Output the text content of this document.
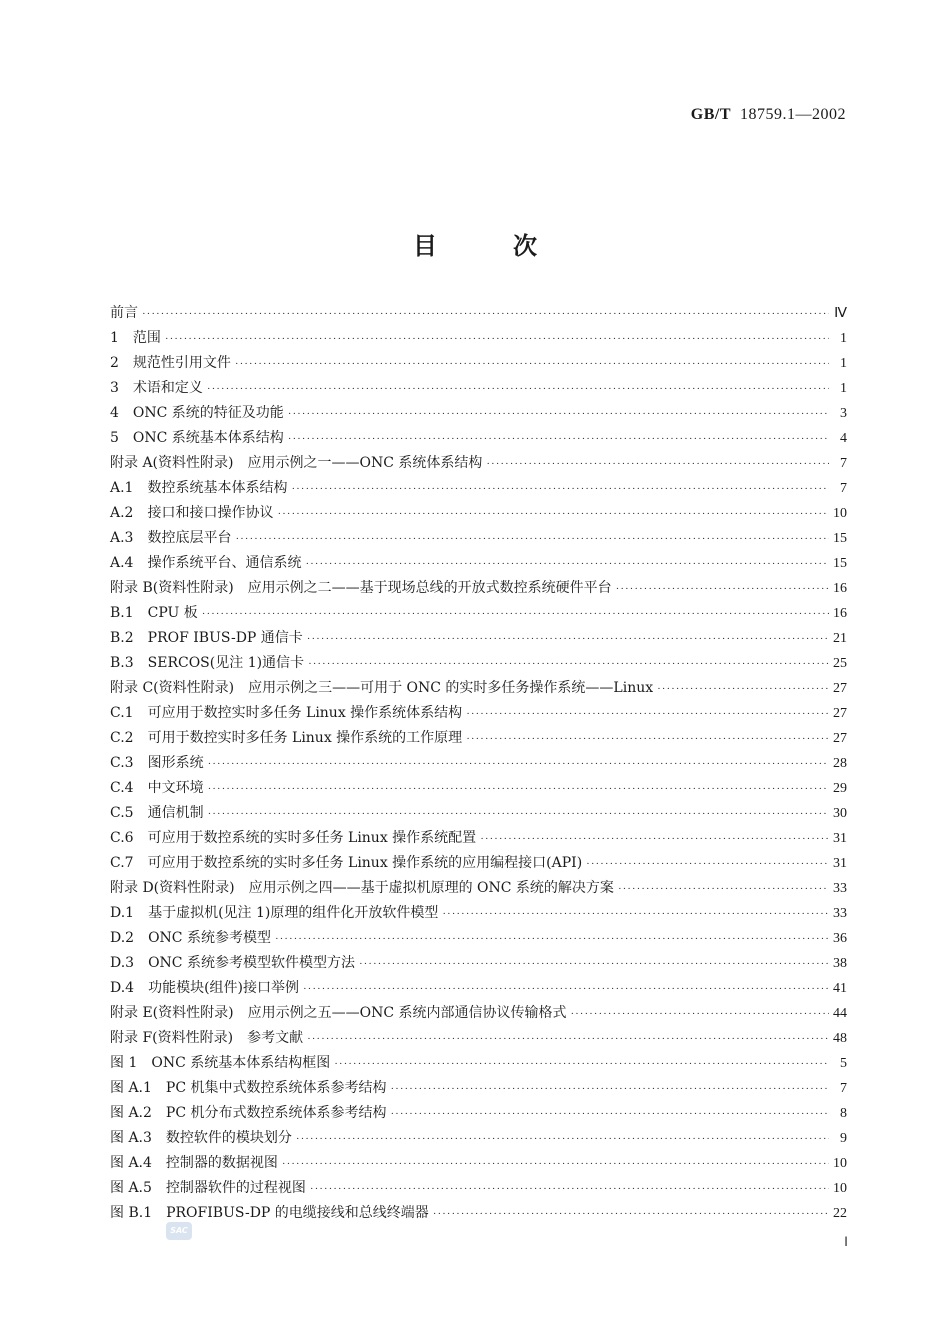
GB/T 18759.1—2002
目	次
前言 ·····	Ⅳ
1　范围 ·····	1
2　规范性引用文件 ·····	1
3　术语和定义 ·····	1
4　ONC 系统的特征及功能 ·····	3
5　ONC 系统基本体系结构 ·····	4
附录 A(资料性附录)　应用示例之一——ONC 系统体系结构 ·····	7
A.1　数控系统基本体系结构 ·····	7
A.2　接口和接口操作协议 ·····	10
A.3　数控底层平台 ·····	15
A.4　操作系统平台、通信系统 ·····	15
附录 B(资料性附录)　应用示例之二——基于现场总线的开放式数控系统硬件平台 ·····	16
B.1　CPU 板 ·····	16
B.2　PROF IBUS-DP 通信卡 ·····	21
B.3　SERCOS(见注 1)通信卡 ·····	25
附录 C(资料性附录)　应用示例之三——可用于 ONC 的实时多任务操作系统——Linux ·····	27
C.1　可应用于数控实时多任务 Linux 操作系统体系结构 ·····	27
C.2　可用于数控实时多任务 Linux 操作系统的工作原理 ·····	27
C.3　图形系统 ·····	28
C.4　中文环境 ·····	29
C.5　通信机制 ·····	30
C.6　可应用于数控系统的实时多任务 Linux 操作系统配置 ·····	31
C.7　可应用于数控系统的实时多任务 Linux 操作系统的应用编程接口(API) ·····	31
附录 D(资料性附录)　应用示例之四——基于虚拟机原理的 ONC 系统的解决方案 ·····	33
D.1　基于虚拟机(见注 1)原理的组件化开放软件模型 ·····	33
D.2　ONC 系统参考模型 ·····	36
D.3　ONC 系统参考模型软件模型方法 ·····	38
D.4　功能模块(组件)接口举例 ·····	41
附录 E(资料性附录)　应用示例之五——ONC 系统内部通信协议传输格式 ·····	44
附录 F(资料性附录)　参考文献 ·····	48
图 1　ONC 系统基本体系结构框图 ·····	5
图 A.1　PC 机集中式数控系统体系参考结构 ·····	7
图 A.2　PC 机分布式数控系统体系参考结构 ·····	8
图 A.3　数控软件的模块划分 ·····	9
图 A.4　控制器的数据视图 ·····	10
图 A.5　控制器软件的过程视图 ·····	10
图 B.1　PROFIBUS-DP 的电缆接线和总线终端器 ·····	22
SAC
Ⅰ
